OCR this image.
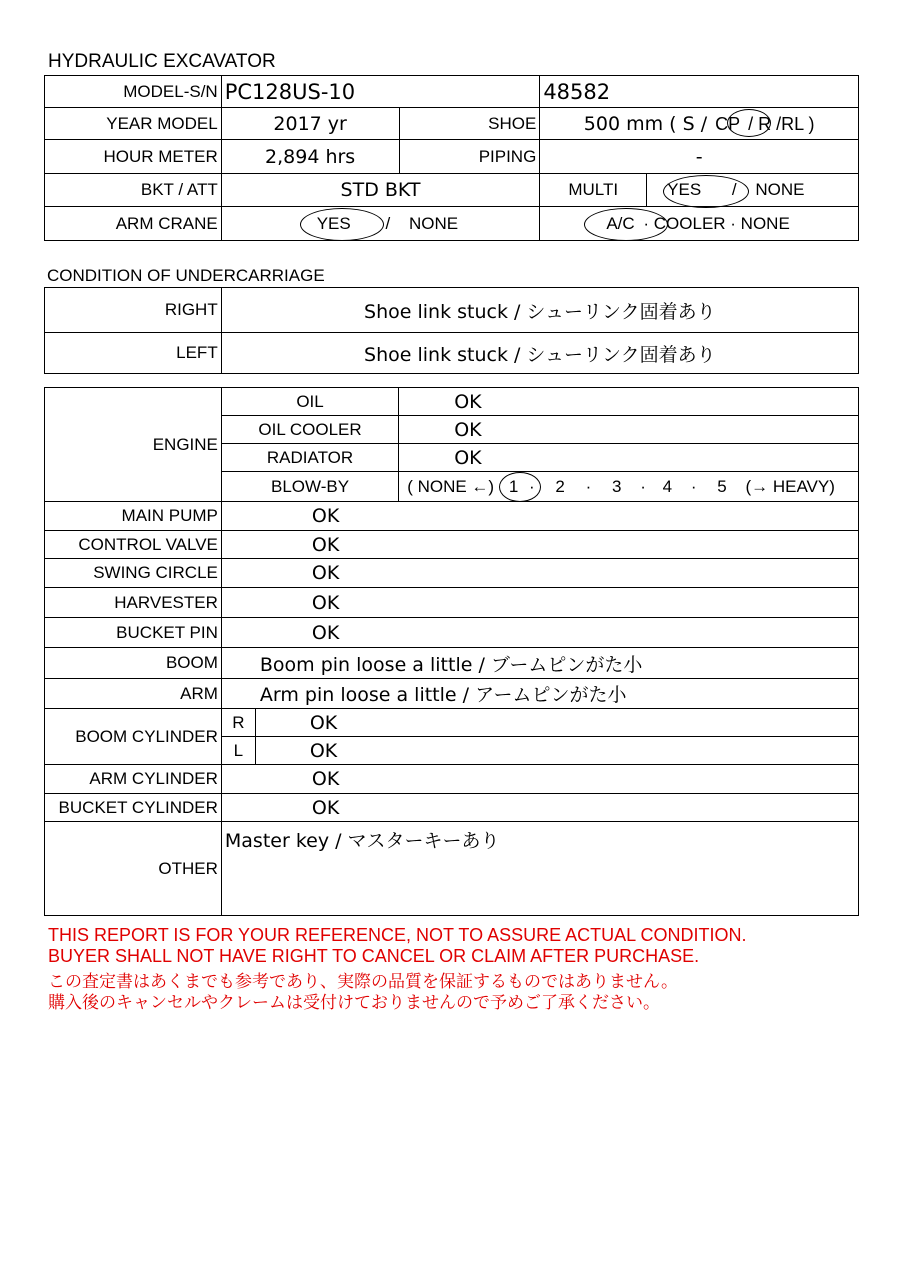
HYDRAULIC EXCAVATOR
MODEL-S/N	PC128US-10		48582	
YEAR MODEL	2017 yr	SHOE	500 mm ( S / CP / R /RL )	
HOUR METER	2,894 hrs	PIPING	-	
BKT / ATT	STD BKT		MULTI	YES / NONE
ARM CRANE	YES / NONE		A/C · COOLER · NONE	
CONDITION OF UNDERCARRIAGE
RIGHT	Shoe link stuck / シューリンク固着あり
LEFT	Shoe link stuck / シューリンク固着あり
ENGINE	OIL		OK
	OIL COOLER		OK
	RADIATOR		OK
	BLOW-BY		( NONE ←) 1 · 2 · 3 · 4 · 5 (→ HEAVY)
MAIN PUMP	OK		
CONTROL VALVE	OK		
SWING CIRCLE	OK		
HARVESTER	OK		
BUCKET PIN	OK		
BOOM	Boom pin loose a little / ブームピンがた小		
ARM	Arm pin loose a little / アームピンがた小		
BOOM CYLINDER	R	OK	
	L	OK	
ARM CYLINDER	OK		
BUCKET CYLINDER	OK		
OTHER	Master key / マスターキーあり		
THIS REPORT IS FOR YOUR REFERENCE, NOT TO ASSURE ACTUAL CONDITION.
BUYER SHALL NOT HAVE RIGHT TO CANCEL OR CLAIM AFTER PURCHASE.
この査定書はあくまでも参考であり、実際の品質を保証するものではありません。
購入後のキャンセルやクレームは受付けておりませんので予めご了承ください。
